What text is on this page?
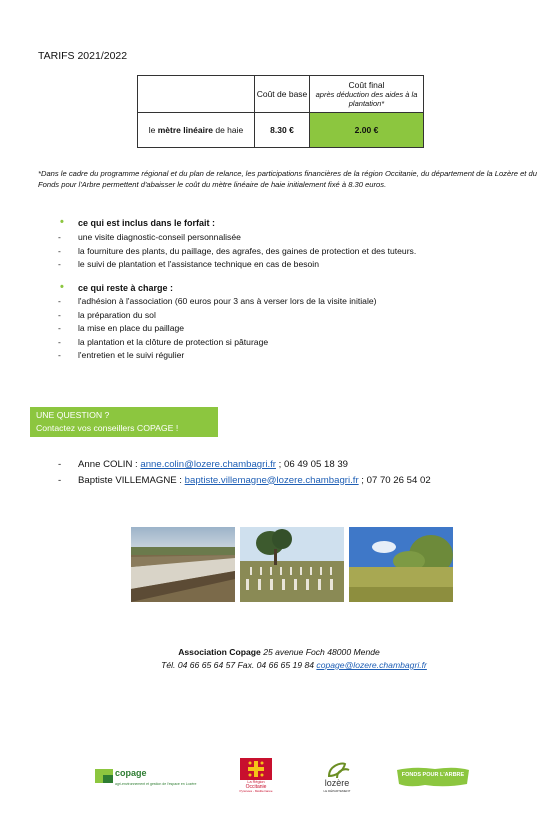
TARIFS 2021/2022
	Coût de base	Coût final
après déduction des aides à la plantation*

le mètre linéaire de haie	8.30 €	2.00 €
*Dans le cadre du programme régional et du plan de relance, les participations financières de la région Occitanie, du département de la Lozère et du Fonds pour l'Arbre permettent d'abaisser le coût du mètre linéaire de haie initialement fixé à 8.30 euros.
• ce qui est inclus dans le forfait :
- une visite diagnostic-conseil personnalisée
- la fourniture des plants, du paillage, des agrafes, des gaines de protection et des tuteurs.
- le suivi de plantation et l'assistance technique en cas de besoin
• ce qui reste à charge :
- l'adhésion à l'association (60 euros pour 3 ans à verser lors de la visite initiale)
- la préparation du sol
- la mise en place du paillage
- la plantation et la clôture de protection si pâturage
- l'entretien et le suivi régulier
UNE QUESTION ?
Contactez vos conseillers COPAGE !
- Anne COLIN : anne.colin@lozere.chambagri.fr ; 06 49 05 18 39
- Baptiste VILLEMAGNE : baptiste.villemagne@lozere.chambagri.fr ; 07 70 26 54 02
Association Copage 25 avenue Foch 48000 Mende
Tél. 04 66 65 64 57 Fax. 04 66 65 19 84 copage@lozere.chambagri.fr
copage
agri-environnement et gestion de l'espace en Lozère	La Région
Occitanie
Pyrénées - Méditerranée
lozère
LE DÉPARTEMENT
FONDS POUR L'ARBRE
